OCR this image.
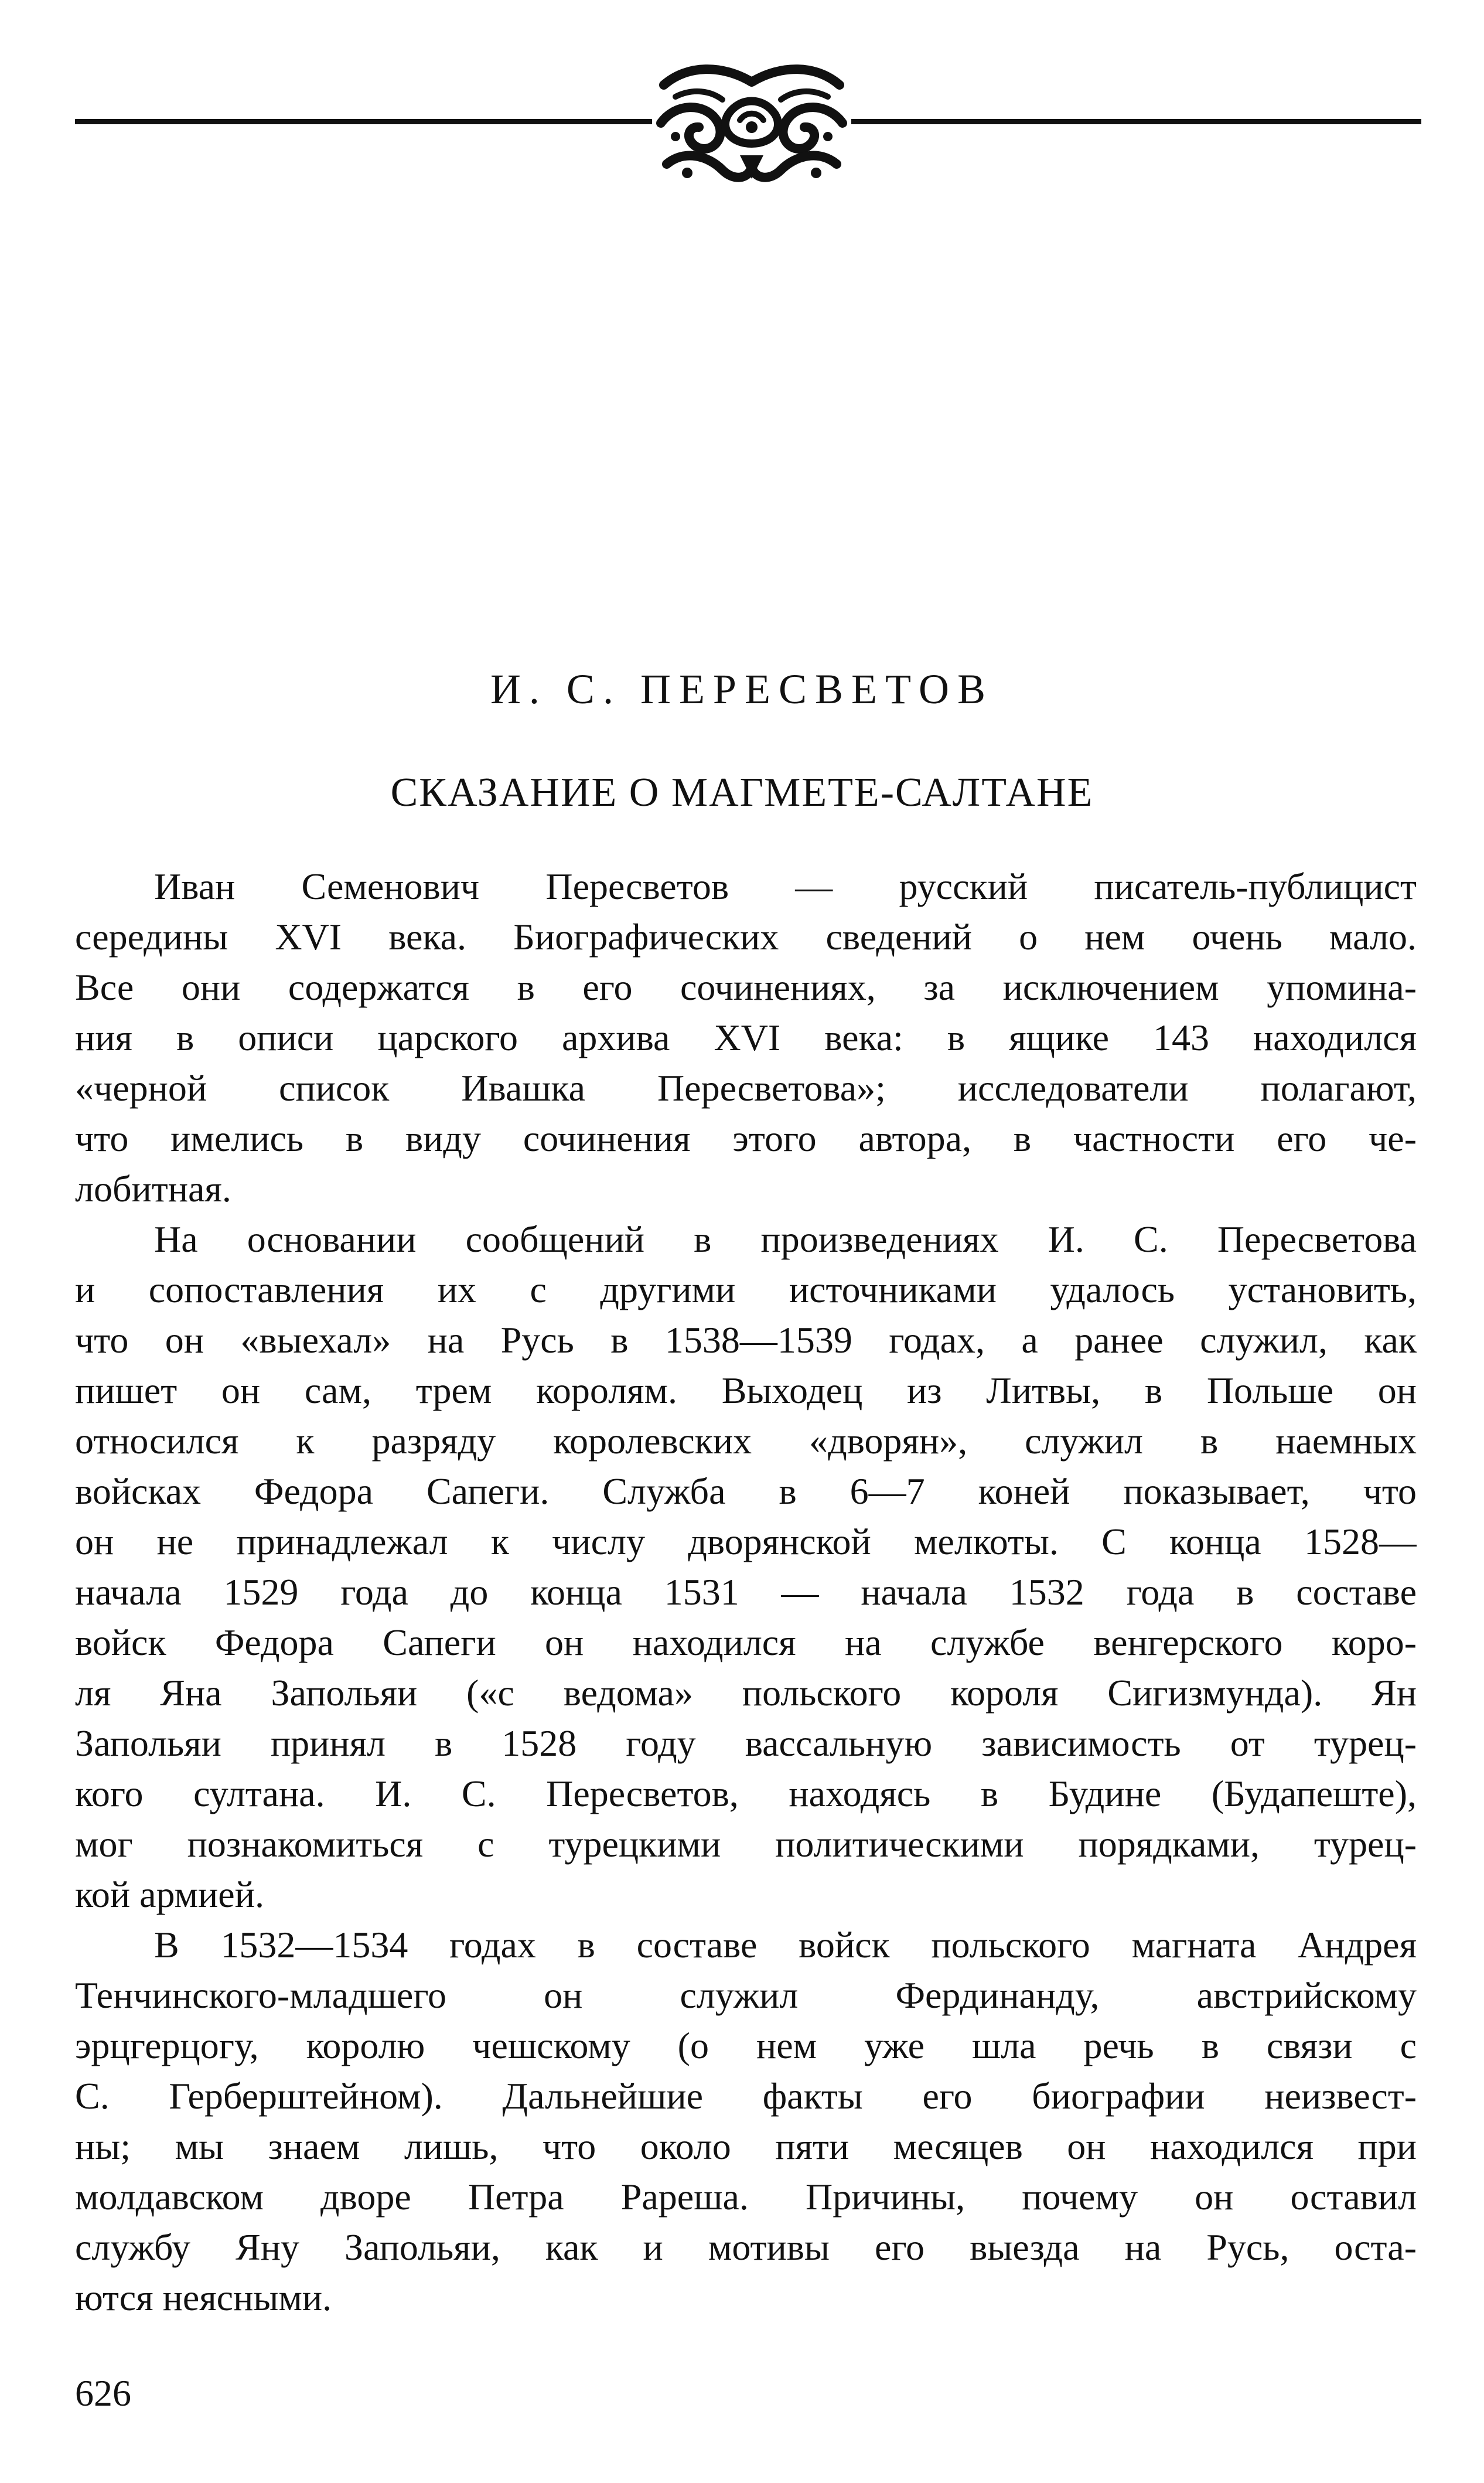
И. С. ПЕРЕСВЕТОВ
СКАЗАНИЕ О МАГМЕТЕ-САЛТАНЕ
Иван Семенович Пересветов — русский писатель-публицист
середины XVI века. Биографических сведений о нем очень мало.
Все они содержатся в его сочинениях, за исключением упомина-
ния в описи царского архива XVI века: в ящике 143 находился
«черной список Ивашка Пересветова»; исследователи полагают,
что имелись в виду сочинения этого автора, в частности его че-
лобитная.
На основании сообщений в произведениях И. С. Пересветова
и сопоставления их с другими источниками удалось установить,
что он «выехал» на Русь в 1538—1539 годах, а ранее служил, как
пишет он сам, трем королям. Выходец из Литвы, в Польше он
относился к разряду королевских «дворян», служил в наемных
войсках Федора Сапеги. Служба в 6—7 коней показывает, что
он не принадлежал к числу дворянской мелкоты. С конца 1528—
начала 1529 года до конца 1531 — начала 1532 года в составе
войск Федора Сапеги он находился на службе венгерского коро-
ля Яна Запольяи («с ведома» польского короля Сигизмунда). Ян
Запольяи принял в 1528 году вассальную зависимость от турец-
кого султана. И. С. Пересветов, находясь в Будине (Будапеште),
мог познакомиться с турецкими политическими порядками, турец-
кой армией.
В 1532—1534 годах в составе войск польского магната Андрея
Тенчинского-младшего он служил Фердинанду, австрийскому
эрцгерцогу, королю чешскому (о нем уже шла речь в связи с
С. Герберштейном). Дальнейшие факты его биографии неизвест-
ны; мы знаем лишь, что около пяти месяцев он находился при
молдавском дворе Петра Рареша. Причины, почему он оставил
службу Яну Запольяи, как и мотивы его выезда на Русь, оста-
ются неясными.
626
